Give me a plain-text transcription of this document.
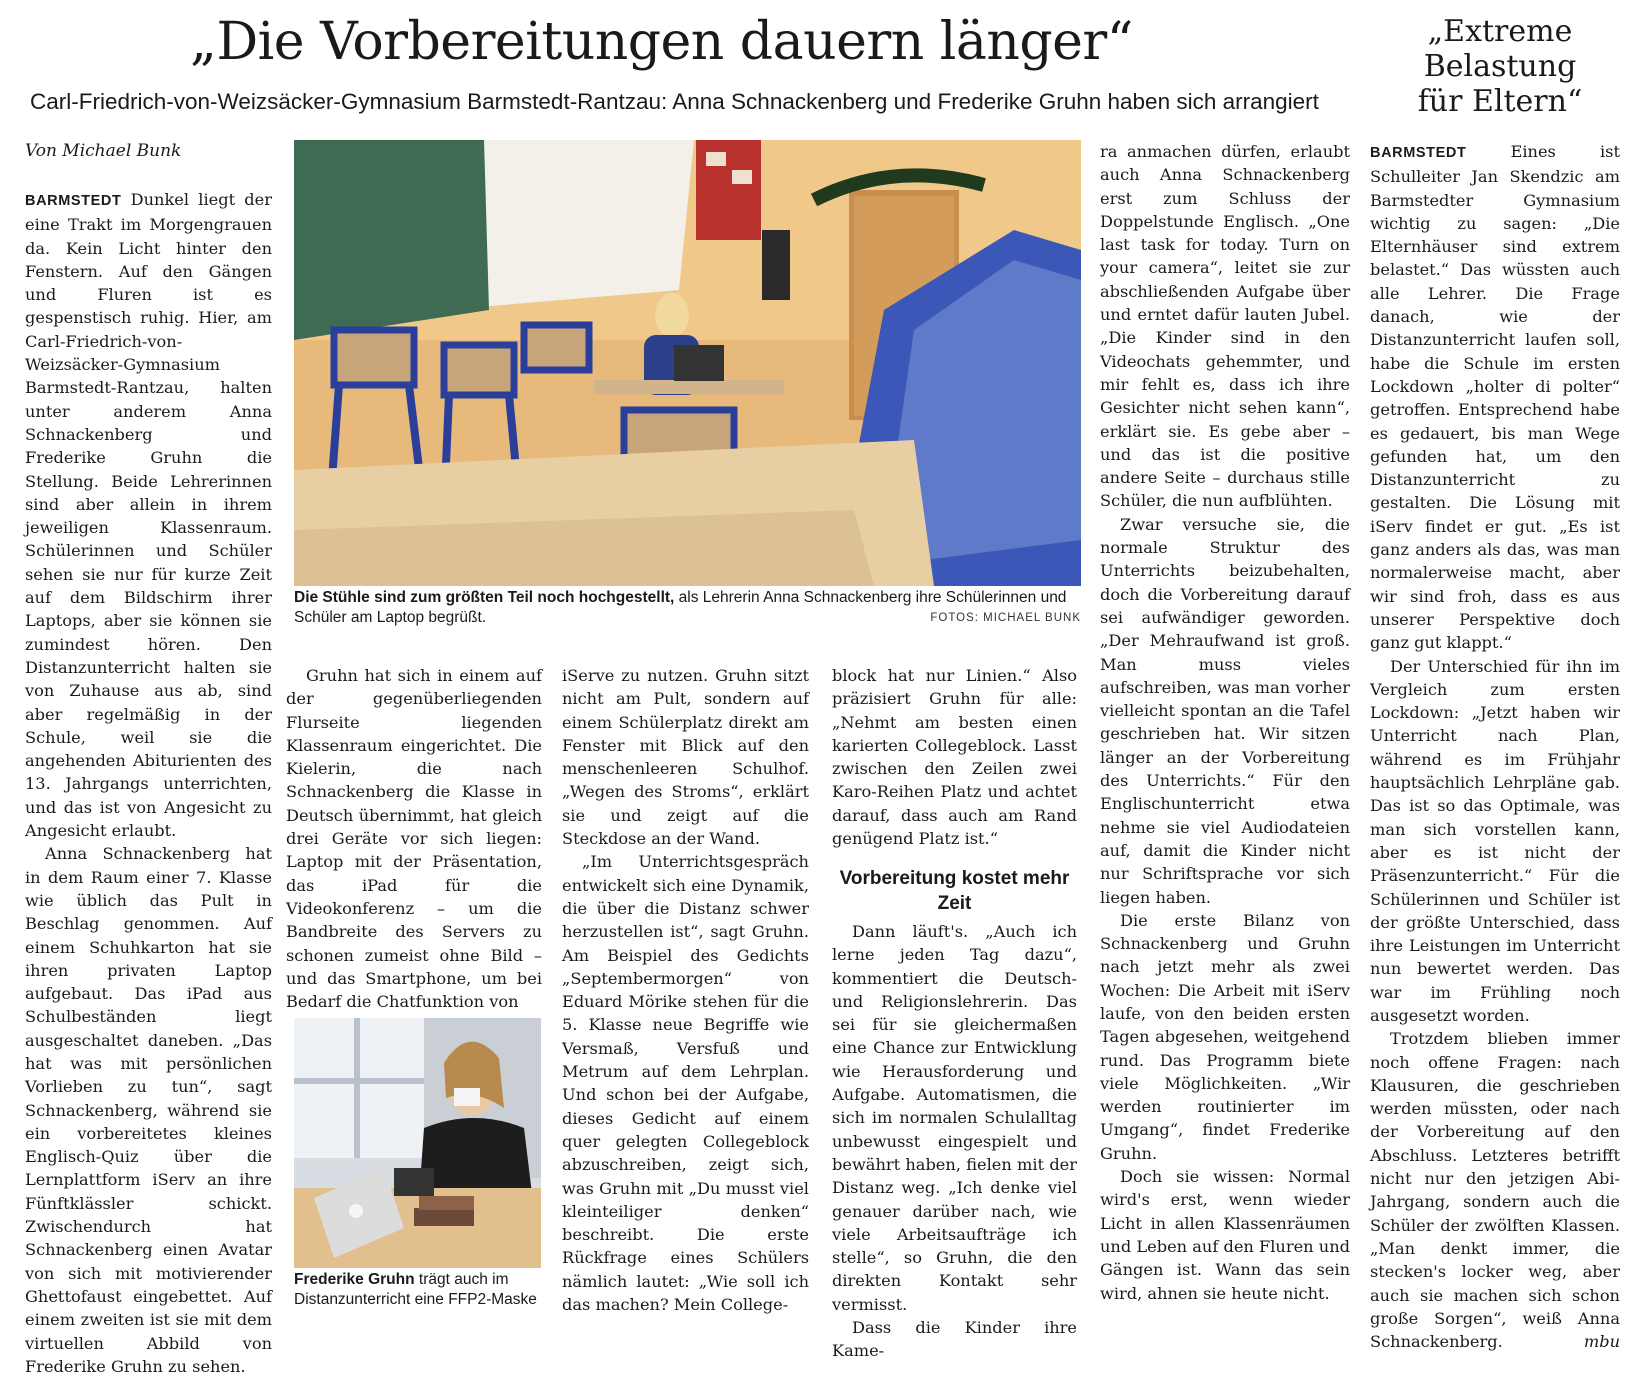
„Die Vorbereitungen dauern länger“
Carl-Friedrich-von-Weizsäcker-Gymnasium Barmstedt-Rantzau: Anna Schnackenberg und Frederike Gruhn haben sich arrangiert
„Extreme
Belastung
für Eltern“
Von Michael Bunk

BARMSTEDT Dunkel liegt der eine Trakt im Morgengrauen da. Kein Licht hinter den Fenstern. Auf den Gängen und Fluren ist es gespenstisch ruhig. Hier, am Carl-Friedrich-von-Weizsäcker-Gymnasium Barmstedt-Rantzau, halten unter anderem Anna Schnackenberg und Frederike Gruhn die Stellung. Beide Lehrerinnen sind aber allein in ihrem jeweiligen Klassenraum. Schülerinnen und Schüler sehen sie nur für kurze Zeit auf dem Bildschirm ihrer Laptops, aber sie können sie zumindest hören. Den Distanzunterricht halten sie von Zuhause aus ab, sind aber regelmäßig in der Schule, weil sie die angehenden Abiturienten des 13. Jahrgangs unterrichten, und das ist von Angesicht zu Angesicht erlaubt.

Anna Schnackenberg hat in dem Raum einer 7. Klasse wie üblich das Pult in Beschlag genommen. Auf einem Schuhkarton hat sie ihren privaten Laptop aufgebaut. Das iPad aus Schulbeständen liegt ausgeschaltet daneben. „Das hat was mit persönlichen Vorlieben zu tun“, sagt Schnackenberg, während sie ein vorbereitetes kleines Englisch-Quiz über die Lernplattform iServ an ihre Fünftklässler schickt. Zwischendurch hat Schnackenberg einen Avatar von sich mit motivierender Ghettofaust eingebettet. Auf einem zweiten ist sie mit dem virtuellen Abbild von Frederike Gruhn zu sehen.

Die Stühle sind zum größten Teil noch hochgestellt, als Lehrerin Anna Schnackenberg ihre Schülerinnen und Schüler am Laptop begrüßt.	FOTOS: MICHAEL BUNK

Gruhn hat sich in einem auf der gegenüberliegenden Flurseite liegenden Klassenraum eingerichtet. Die Kielerin, die nach Schnackenberg die Klasse in Deutsch übernimmt, hat gleich drei Geräte vor sich liegen: Laptop mit der Präsentation, das iPad für die Videokonferenz – um die Bandbreite des Servers zu schonen zumeist ohne Bild – und das Smartphone, um bei Bedarf die Chatfunktion von

Frederike Gruhn trägt auch im Distanzunterricht eine FFP2-Maske

iServe zu nutzen. Gruhn sitzt nicht am Pult, sondern auf einem Schülerplatz direkt am Fenster mit Blick auf den menschenleeren Schulhof. „Wegen des Stroms“, erklärt sie und zeigt auf die Steckdose an der Wand.

„Im Unterrichtsgespräch entwickelt sich eine Dynamik, die über die Distanz schwer herzustellen ist“, sagt Gruhn. Am Beispiel des Gedichts „Septembermorgen“ von Eduard Mörike stehen für die 5. Klasse neue Begriffe wie Versmaß, Versfuß und Metrum auf dem Lehrplan. Und schon bei der Aufgabe, dieses Gedicht auf einem quer gelegten Collegeblock abzuschreiben, zeigt sich, was Gruhn mit „Du musst viel kleinteiliger denken“ beschreibt. Die erste Rückfrage eines Schülers nämlich lautet: „Wie soll ich das machen? Mein College-

block hat nur Linien.“ Also präzisiert Gruhn für alle: „Nehmt am besten einen karierten Collegeblock. Lasst zwischen den Zeilen zwei Karo-Reihen Platz und achtet darauf, dass auch am Rand genügend Platz ist.“

Vorbereitung kostet mehr Zeit

Dann läuft's. „Auch ich lerne jeden Tag dazu“, kommentiert die Deutsch- und Religionslehrerin. Das sei für sie gleichermaßen eine Chance zur Entwicklung wie Herausforderung und Aufgabe. Automatismen, die sich im normalen Schulalltag unbewusst eingespielt und bewährt haben, fielen mit der Distanz weg. „Ich denke viel genauer darüber nach, wie viele Arbeitsaufträge ich stelle“, so Gruhn, die den direkten Kontakt sehr vermisst.

Dass die Kinder ihre Kame-

ra anmachen dürfen, erlaubt auch Anna Schnackenberg erst zum Schluss der Doppelstunde Englisch. „One last task for today. Turn on your camera“, leitet sie zur abschließenden Aufgabe über und erntet dafür lauten Jubel. „Die Kinder sind in den Videochats gehemmter, und mir fehlt es, dass ich ihre Gesichter nicht sehen kann“, erklärt sie. Es gebe aber – und das ist die positive andere Seite – durchaus stille Schüler, die nun aufblühten.

Zwar versuche sie, die normale Struktur des Unterrichts beizubehalten, doch die Vorbereitung darauf sei aufwändiger geworden. „Der Mehraufwand ist groß. Man muss vieles aufschreiben, was man vorher vielleicht spontan an die Tafel geschrieben hat. Wir sitzen länger an der Vorbereitung des Unterrichts.“ Für den Englischunterricht etwa nehme sie viel Audiodateien auf, damit die Kinder nicht nur Schriftsprache vor sich liegen haben.

Die erste Bilanz von Schnackenberg und Gruhn nach jetzt mehr als zwei Wochen: Die Arbeit mit iServ laufe, von den beiden ersten Tagen abgesehen, weitgehend rund. Das Programm biete viele Möglichkeiten. „Wir werden routinierter im Umgang“, findet Frederike Gruhn.

Doch sie wissen: Normal wird's erst, wenn wieder Licht in allen Klassenräumen und Leben auf den Fluren und Gängen ist. Wann das sein wird, ahnen sie heute nicht.

BARMSTEDT	Eines ist Schulleiter Jan Skendzic am Barmstedter Gymnasium wichtig zu sagen: „Die Elternhäuser sind extrem belastet.“ Das wüssten auch alle Lehrer. Die Frage danach, wie der Distanzunterricht laufen soll, habe die Schule im ersten Lockdown „holter di polter“ getroffen. Entsprechend habe es gedauert, bis man Wege gefunden hat, um den Distanzunterricht zu gestalten. Die Lösung mit iServ findet er gut. „Es ist ganz anders als das, was man normalerweise macht, aber wir sind froh, dass es aus unserer Perspektive doch ganz gut klappt.“

Der Unterschied für ihn im Vergleich zum ersten Lockdown: „Jetzt haben wir Unterricht nach Plan, während es im Frühjahr hauptsächlich Lehrpläne gab. Das ist so das Optimale, was man sich vorstellen kann, aber es ist nicht der Präsenzunterricht.“ Für die Schülerinnen und Schüler ist der größte Unterschied, dass ihre Leistungen im Unterricht nun bewertet werden. Das war im Frühling noch ausgesetzt worden.

Trotzdem blieben immer noch offene Fragen: nach Klausuren, die geschrieben werden müssten, oder nach der Vorbereitung auf den Abschluss. Letzteres betrifft nicht nur den jetzigen Abi-Jahrgang, sondern auch die Schüler der zwölften Klassen. „Man denkt immer, die stecken's locker weg, aber auch sie machen sich schon große Sorgen“, weiß Anna Schnackenberg.	mbu
